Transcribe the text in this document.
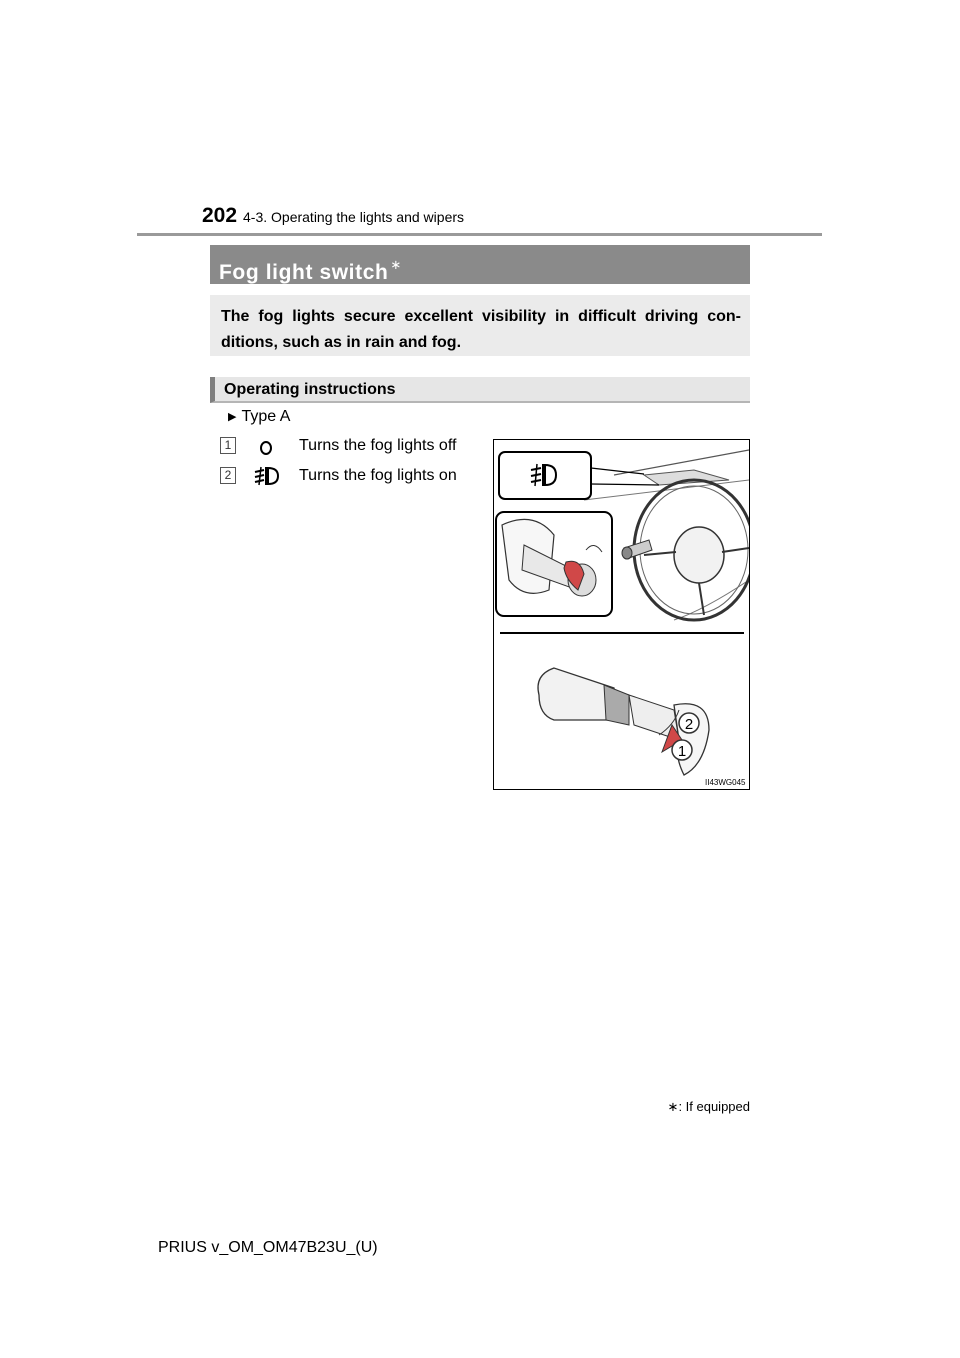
202 4-3. Operating the lights and wipers
Fog light switch ∗
The fog lights secure excellent visibility in difficult driving con-ditions, such as in rain and fog.
Operating instructions
▶ Type A
1	Turns the fog lights off
2	Turns the fog lights on
2
1
II43WG045
∗: If equipped
PRIUS v_OM_OM47B23U_(U)
